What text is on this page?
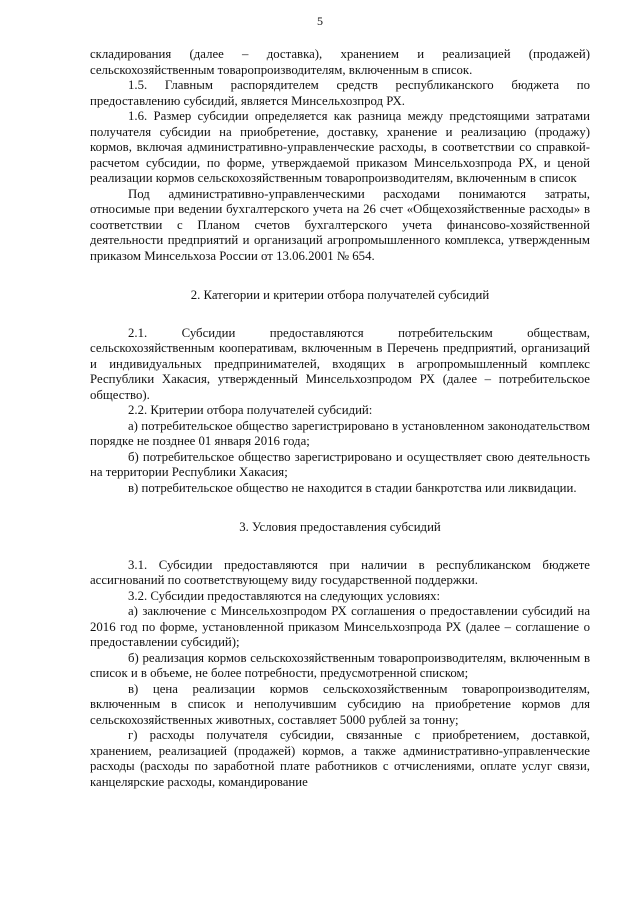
5

складирования (далее – доставка), хранением и реализацией (продажей) сельскохозяйственным товаропроизводителям, включенным в список.

1.5. Главным распорядителем средств республиканского бюджета по предоставлению субсидий, является Минсельхозпрод РХ.

1.6. Размер субсидии определяется как разница между предстоящими затратами получателя субсидии на приобретение, доставку, хранение и реализацию (продажу) кормов, включая административно-управленческие расходы, в соответствии со справкой-расчетом субсидии, по форме, утверждаемой приказом Минсельхозпрода РХ, и ценой реализации кормов сельскохозяйственным товаропроизводителям, включенным в список

Под административно-управленческими расходами понимаются затраты, относимые при ведении бухгалтерского учета на 26 счет «Общехозяйственные расходы» в соответствии с Планом счетов бухгалтерского учета финансово-хозяйственной деятельности предприятий и организаций агропромышленного комплекса, утвержденным приказом Минсельхоза России от 13.06.2001 № 654.

2. Категории и критерии отбора получателей субсидий

2.1. Субсидии предоставляются потребительским обществам, сельскохозяйственным кооперативам, включенным в Перечень предприятий, организаций и индивидуальных предпринимателей, входящих в агропромышленный комплекс Республики Хакасия, утвержденный Минсельхозпродом РХ (далее – потребительское общество).

2.2. Критерии отбора получателей субсидий:

а) потребительское общество зарегистрировано в установленном законодательством порядке не позднее 01 января 2016 года;

б) потребительское общество зарегистрировано и осуществляет свою деятельность на территории Республики Хакасия;

в) потребительское общество не находится в стадии банкротства или ликвидации.

3. Условия предоставления субсидий

3.1. Субсидии предоставляются при наличии в республиканском бюджете ассигнований по соответствующему виду государственной поддержки.

3.2. Субсидии предоставляются на следующих условиях:

а) заключение с Минсельхозпродом РХ соглашения о предоставлении субсидий на 2016 год по форме, установленной приказом Минсельхозпрода РХ (далее – соглашение о предоставлении субсидий);

б) реализация кормов сельскохозяйственным товаропроизводителям, включенным в список и в объеме, не более потребности, предусмотренной списком;

в) цена реализации кормов сельскохозяйственным товаропроизводителям, включенным в список и неполучившим субсидию на приобретение кормов для сельскохозяйственных животных, составляет 5000 рублей за тонну;

г) расходы получателя субсидии, связанные с приобретением, доставкой, хранением, реализацией (продажей) кормов, а также административно-управленческие расходы (расходы по заработной плате работников с отчислениями, оплате услуг связи, канцелярские расходы, командирование
